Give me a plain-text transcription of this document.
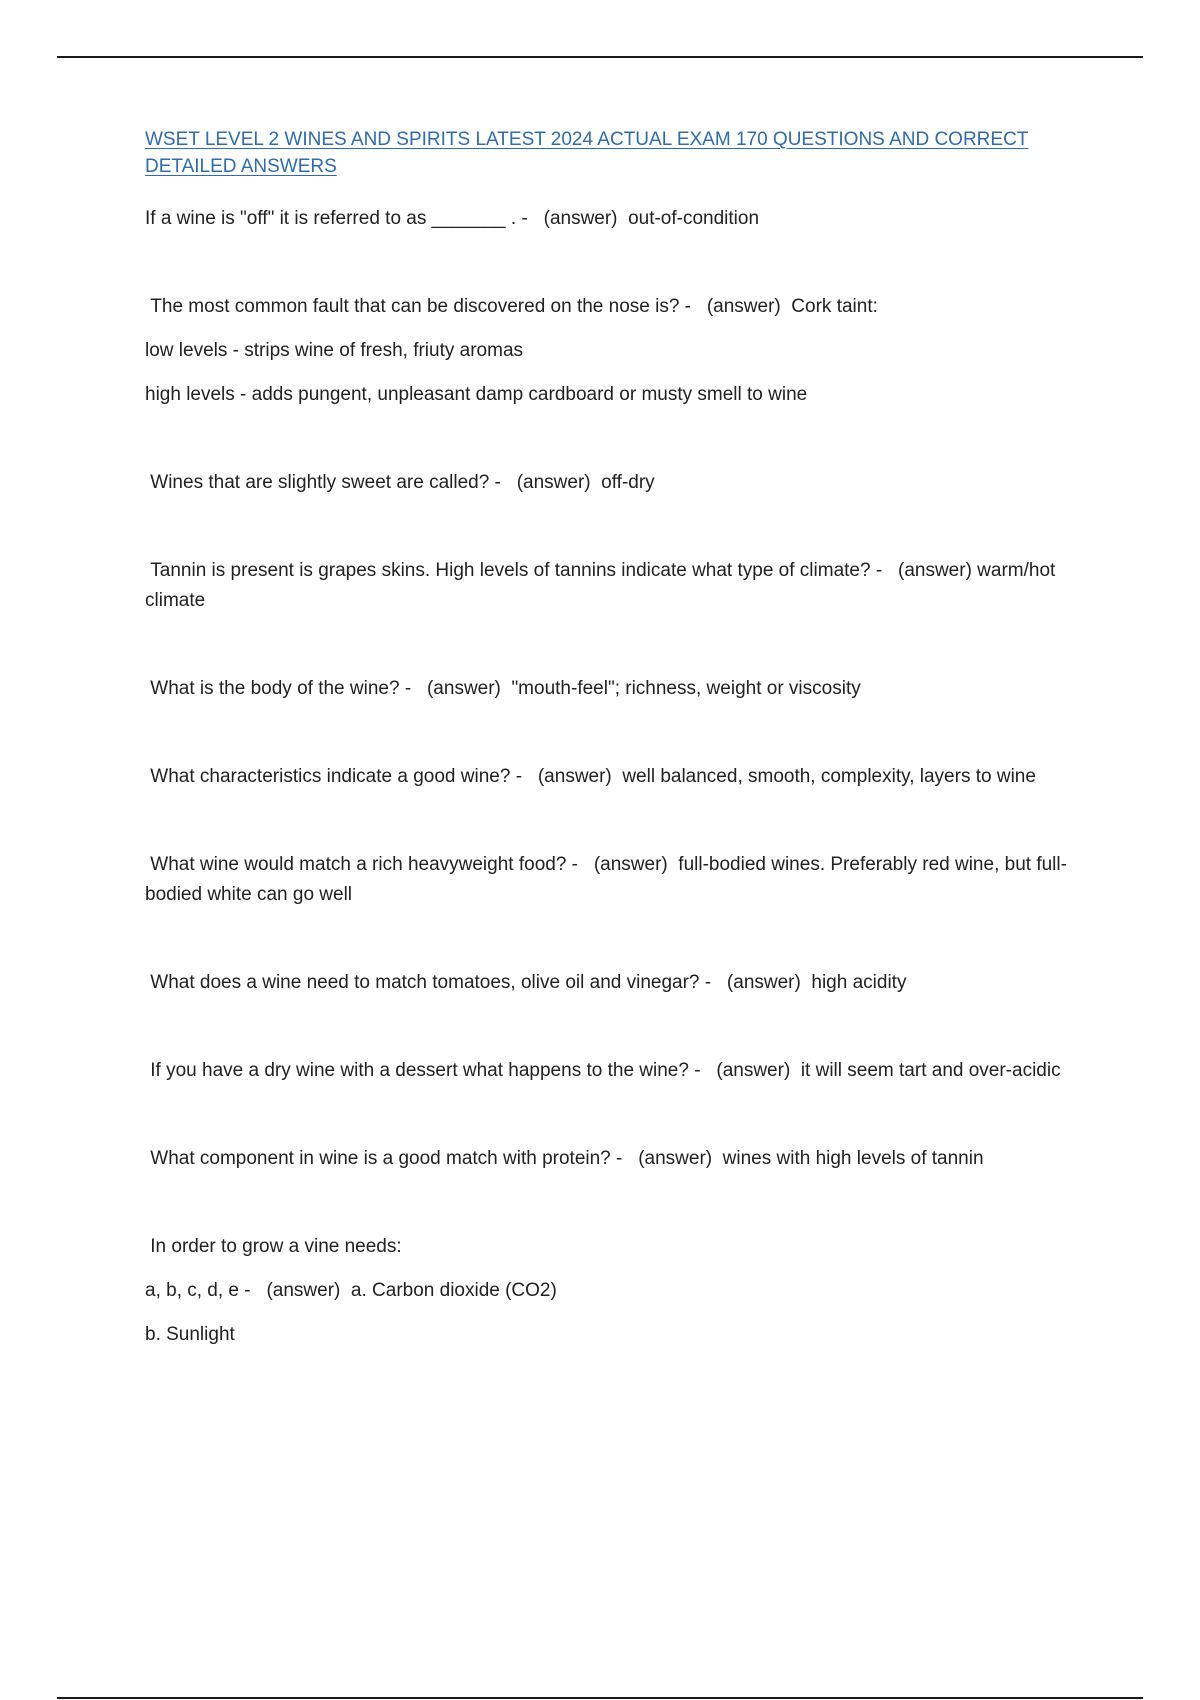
WSET LEVEL 2 WINES AND SPIRITS LATEST 2024 ACTUAL EXAM 170 QUESTIONS AND CORRECT DETAILED ANSWERS

If a wine is "off" it is referred to as _______ . -   (answer)  out-of-condition

The most common fault that can be discovered on the nose is? -   (answer)  Cork taint:

low levels - strips wine of fresh, friuty aromas

high levels - adds pungent, unpleasant damp cardboard or musty smell to wine

Wines that are slightly sweet are called? -   (answer)  off-dry

Tannin is present is grapes skins. High levels of tannins indicate what type of climate? -   (answer) warm/hot climate

What is the body of the wine? -   (answer)  "mouth-feel"; richness, weight or viscosity

What characteristics indicate a good wine? -   (answer)  well balanced, smooth, complexity, layers to wine

What wine would match a rich heavyweight food? -   (answer)  full-bodied wines. Preferably red wine, but full-bodied white can go well

What does a wine need to match tomatoes, olive oil and vinegar? -   (answer)  high acidity

If you have a dry wine with a dessert what happens to the wine? -   (answer)  it will seem tart and over-acidic

What component in wine is a good match with protein? -   (answer)  wines with high levels of tannin

In order to grow a vine needs:

a, b, c, d, e -   (answer)  a. Carbon dioxide (CO2)

b. Sunlight
